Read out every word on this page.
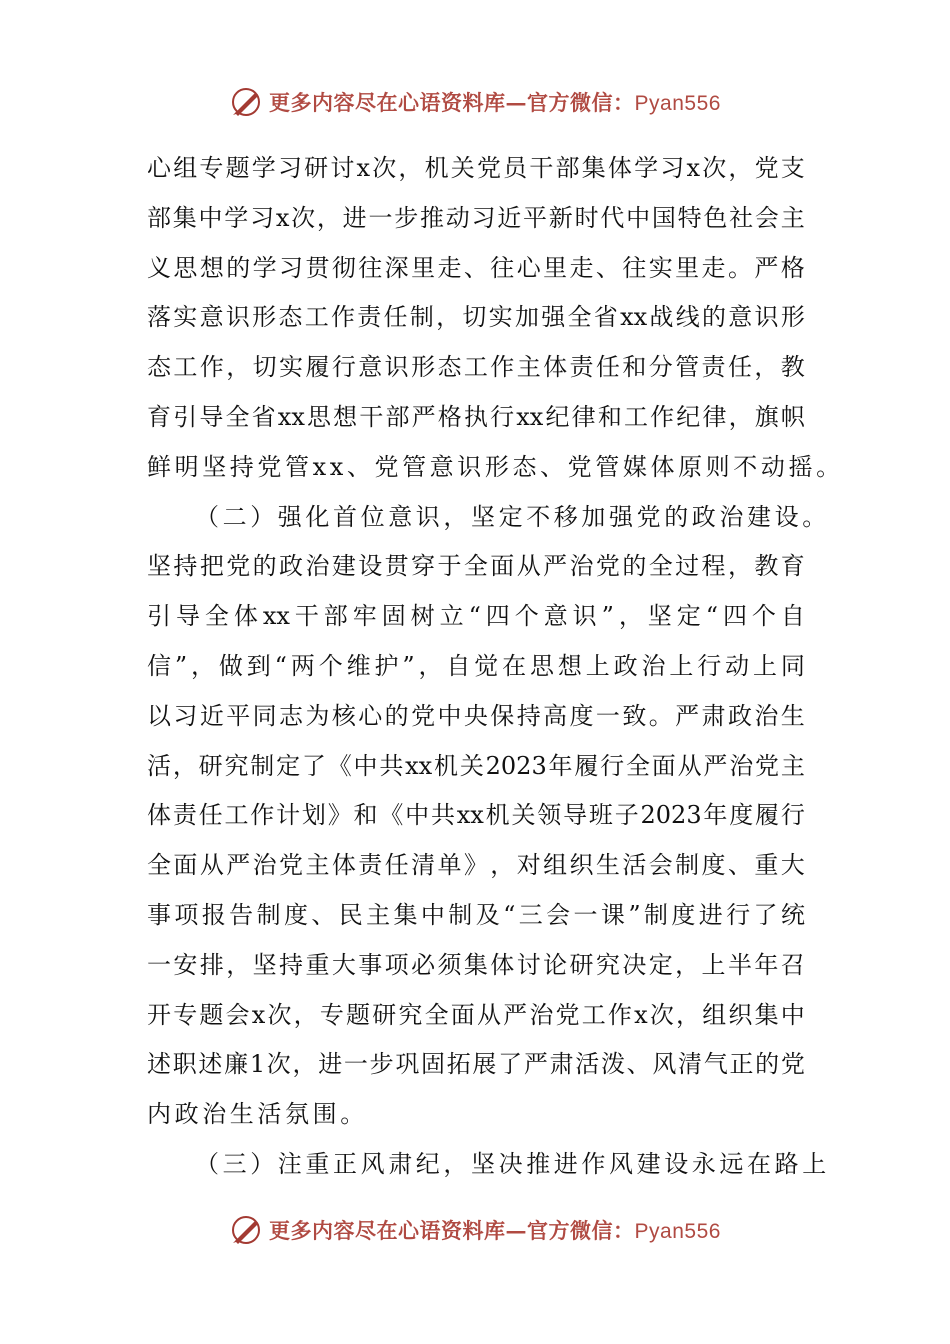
更多内容尽在心语资料库—官方微信：Pyan556
心 组 专 题 学 习 研 讨 x 次 ， 机 关 党 员 干 部 集 体 学 习 x 次 ， 党 支
部 集 中 学 习 x 次 ， 进 一 步 推 动 习 近 平 新 时 代 中 国 特 色 社 会 主
义 思 想 的 学 习 贯 彻 往 深 里 走 、 往 心 里 走 、 往 实 里 走 。 严 格
落 实 意 识 形 态 工 作 责 任 制 ， 切 实 加 强 全 省 xx 战 线 的 意 识 形
态 工 作 ， 切 实 履 行 意 识 形 态 工 作 主 体 责 任 和 分 管 责 任 ， 教
育 引 导 全 省 xx 思 想 干 部 严 格 执 行 xx 纪 律 和 工 作 纪 律 ， 旗 帜
鲜明坚持党管xx、党管意识形态、党管媒体原则不动摇。
（二）强化首位意识，坚定不移加强党的政治建设。
坚 持 把 党 的 政 治 建 设 贯 穿 于 全 面 从 严 治 党 的 全 过 程 ， 教 育
引 导 全 体 xx 干 部 牢 固 树 立 “ 四 个 意 识 ” ， 坚 定 “ 四 个 自
信 ” ， 做 到 “ 两 个 维 护 ” ， 自 觉 在 思 想 上 政 治 上 行 动 上 同
以 习 近 平 同 志 为 核 心 的 党 中 央 保 持 高 度 一 致 。 严 肃 政 治 生
活 ， 研 究 制 定 了 《 中 共 xx 机 关 2023 年 履 行 全 面 从 严 治 党 主
体 责 任 工 作 计 划 》 和 《 中 共 xx 机 关 领 导 班 子 2023 年 度 履 行
全 面 从 严 治 党 主 体 责 任 清 单 》 ， 对 组 织 生 活 会 制 度 、 重 大
事 项 报 告 制 度 、 民 主 集 中 制 及 “ 三 会 一 课 ” 制 度 进 行 了 统
一 安 排 ， 坚 持 重 大 事 项 必 须 集 体 讨 论 研 究 决 定 ， 上 半 年 召
开 专 题 会 x 次 ， 专 题 研 究 全 面 从 严 治 党 工 作 x 次 ， 组 织 集 中
述 职 述 廉 1 次 ， 进 一 步 巩 固 拓 展 了 严 肃 活 泼 、 风 清 气 正 的 党
内政治生活氛围。
（三）注重正风肃纪，坚决推进作风建设永远在路上
更多内容尽在心语资料库—官方微信：Pyan556
